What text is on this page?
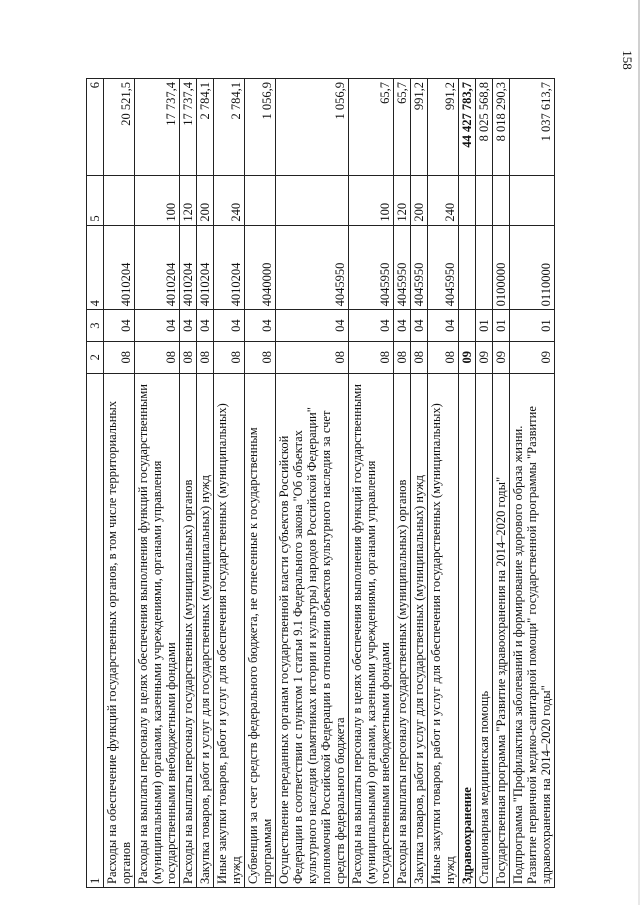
158
1	2	3	4	5	6
Расходы на обеспечение функций государственных органов, в том числе территориальных органов	08	04	4010204		20 521,5
Расходы на выплаты персоналу в целях обеспечения выполнения функций государственными (муниципальными) органами, казенными учреждениями, органами управления государственными внебюджетными фондами	08	04	4010204	100	17 737,4
Расходы на выплаты персоналу государственных (муниципальных) органов	08	04	4010204	120	17 737,4
Закупка товаров, работ и услуг для государственных (муниципальных) нужд	08	04	4010204	200	2 784,1
Иные закупки товаров, работ и услуг для обеспечения государственных (муниципальных) нужд	08	04	4010204	240	2 784,1
Субвенции за счет средств федерального бюджета, не отнесенные к государственным программам	08	04	4040000		1 056,9
Осуществление переданных органам государственной власти субъектов Российской Федерации в соответствии с пунктом 1 статьи 9.1 Федерального закона "Об объектах культурного наследия (памятниках истории и культуры) народов Российской Федерации" полномочий Российской Федерации в отношении объектов культурного наследия за счет средств федерального бюджета	08	04	4045950		1 056,9
Расходы на выплаты персоналу в целях обеспечения выполнения функций государственными (муниципальными) органами, казенными учреждениями, органами управления государственными внебюджетными фондами	08	04	4045950	100	65,7
Расходы на выплаты персоналу государственных (муниципальных) органов	08	04	4045950	120	65,7
Закупка товаров, работ и услуг для государственных (муниципальных) нужд	08	04	4045950	200	991,2
Иные закупки товаров, работ и услуг для обеспечения государственных (муниципальных) нужд	08	04	4045950	240	991,2
Здравоохранение	09				44 427 783,7
Стационарная медицинская помощь	09	01			8 025 568,8
Государственная программа "Развитие здравоохранения на 2014–2020 годы"	09	01	0100000		8 018 290,3
Подпрограмма "Профилактика заболеваний и формирование здорового образа жизни. Развитие первичной медико-санитарной помощи" государственной программы "Развитие здравоохранения на 2014–2020 годы"	09	01	0110000		1 037 613,7
